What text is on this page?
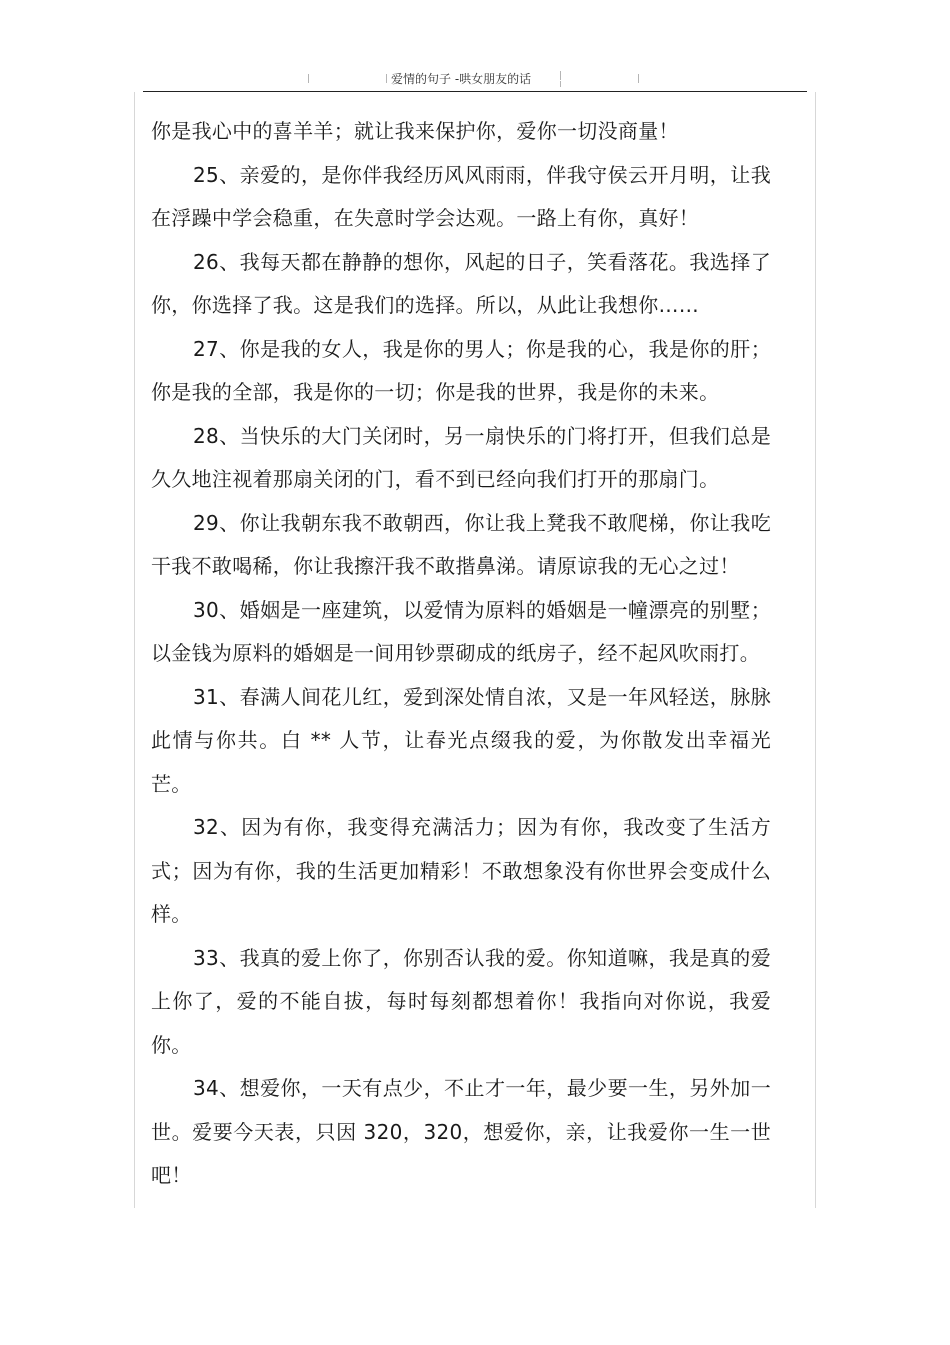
爱情的句子 -哄女朋友的话

你是我心中的喜羊羊；就让我来保护你，爱你一切没商量！

25、亲爱的，是你伴我经历风风雨雨，伴我守侯云开月明，让我在浮躁中学会稳重，在失意时学会达观。一路上有你，真好！

26、我每天都在静静的想你，风起的日子，笑看落花。我选择了你，你选择了我。这是我们的选择。所以，从此让我想你……

27、你是我的女人，我是你的男人；你是我的心，我是你的肝；你是我的全部，我是你的一切；你是我的世界，我是你的未来。

28、当快乐的大门关闭时，另一扇快乐的门将打开，但我们总是久久地注视着那扇关闭的门，看不到已经向我们打开的那扇门。

29、你让我朝东我不敢朝西，你让我上凳我不敢爬梯，你让我吃干我不敢喝稀，你让我擦汗我不敢揩鼻涕。请原谅我的无心之过！

30、婚姻是一座建筑，以爱情为原料的婚姻是一幢漂亮的别墅；以金钱为原料的婚姻是一间用钞票砌成的纸房子，经不起风吹雨打。

31、春满人间花儿红，爱到深处情自浓，又是一年风轻送，脉脉此情与你共。白 ** 人节，让春光点缀我的爱，为你散发出幸福光芒。

32、因为有你，我变得充满活力；因为有你，我改变了生活方式；因为有你，我的生活更加精彩！不敢想象没有你世界会变成什么样。

33、我真的爱上你了，你别否认我的爱。你知道嘛，我是真的爱上你了，爱的不能自拔，每时每刻都想着你！我指向对你说，我爱你。

34、想爱你，一天有点少，不止才一年，最少要一生，另外加一世。爱要今天表，只因 320，320，想爱你，亲，让我爱你一生一世吧！
